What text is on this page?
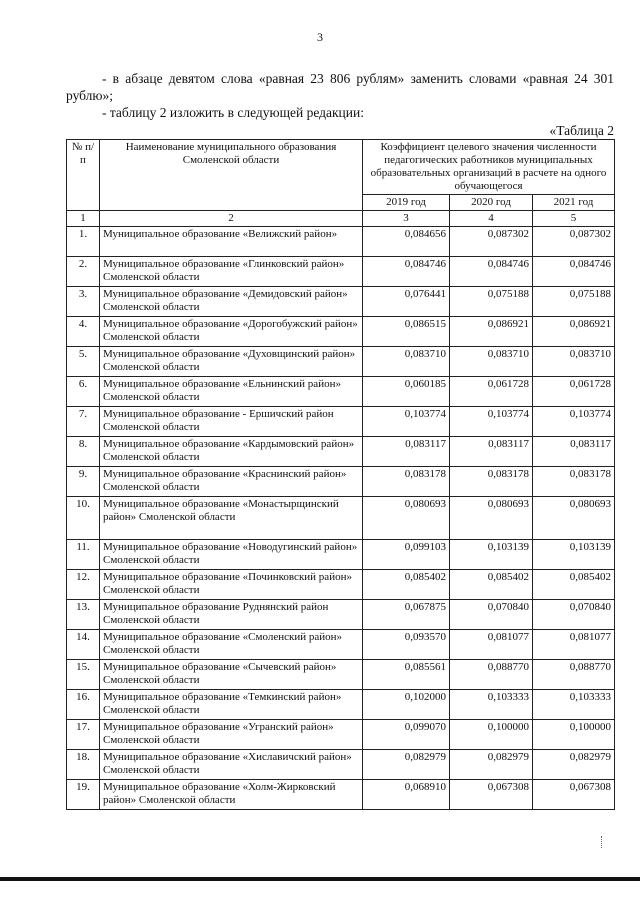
3
- в абзаце девятом слова «равная 23 806 рублям» заменить словами «равная 24 301 рублю»;
- таблицу 2 изложить в следующей редакции:
«Таблица 2
№ п/п	Наименование муниципального образования Смоленской области	Коэффициент целевого значения численности педагогических работников муниципальных образовательных организаций в расчете на одного обучающегося		
		2019 год	2020 год	2021 год
1	2	3	4	5
1.	Муниципальное образование «Велижский район»	0,084656	0,087302	0,087302
2.	Муниципальное образование «Глинковский район» Смоленской области	0,084746	0,084746	0,084746
3.	Муниципальное образование «Демидовский район» Смоленской области	0,076441	0,075188	0,075188
4.	Муниципальное образование «Дорогобужский район» Смоленской области	0,086515	0,086921	0,086921
5.	Муниципальное образование «Духовщинский район» Смоленской области	0,083710	0,083710	0,083710
6.	Муниципальное образование «Ельнинский район» Смоленской области	0,060185	0,061728	0,061728
7.	Муниципальное образование - Ершичский район Смоленской области	0,103774	0,103774	0,103774
8.	Муниципальное образование «Кардымовский район» Смоленской области	0,083117	0,083117	0,083117
9.	Муниципальное образование «Краснинский район» Смоленской области	0,083178	0,083178	0,083178
10.	Муниципальное образование «Монастырщинский район» Смоленской области	0,080693	0,080693	0,080693
11.	Муниципальное образование «Новодугинский район» Смоленской области	0,099103	0,103139	0,103139
12.	Муниципальное образование «Починковский район» Смоленской области	0,085402	0,085402	0,085402
13.	Муниципальное образование Руднянский район Смоленской области	0,067875	0,070840	0,070840
14.	Муниципальное образование «Смоленский район» Смоленской области	0,093570	0,081077	0,081077
15.	Муниципальное образование «Сычевский район» Смоленской области	0,085561	0,088770	0,088770
16.	Муниципальное образование «Темкинский район» Смоленской области	0,102000	0,103333	0,103333
17.	Муниципальное образование «Угранский район» Смоленской области	0,099070	0,100000	0,100000
18.	Муниципальное образование «Хиславичский район» Смоленской области	0,082979	0,082979	0,082979
19.	Муниципальное образование «Холм-Жирковский район» Смоленской области	0,068910	0,067308	0,067308
